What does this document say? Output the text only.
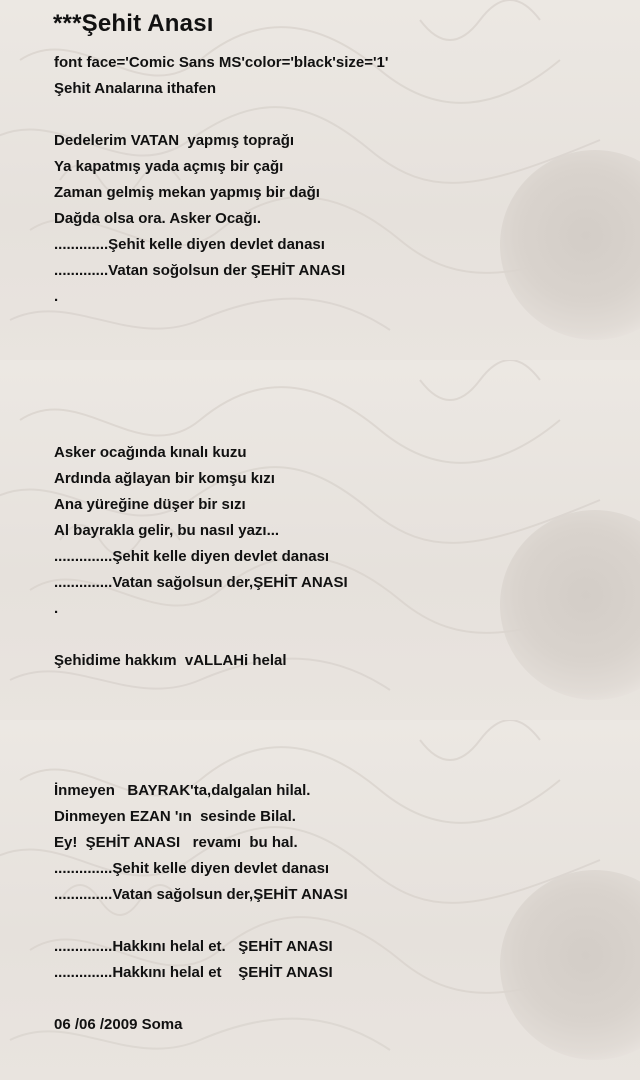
***Şehit Anası
font face='Comic Sans MS'color='black'size='1'
Şehit Analarına ithafen
Dedelerim VATAN  yapmış toprağı
Ya kapatmış yada açmış bir çağı
Zaman gelmiş mekan yapmış bir dağı
Dağda olsa ora. Asker Ocağı.
.............Şehit kelle diyen devlet danası
.............Vatan soğolsun der ŞEHİT ANASI
.
Asker ocağında kınalı kuzu
Ardında ağlayan bir komşu kızı
Ana yüreğine düşer bir sızı
Al bayrakla gelir, bu nasıl yazı...
..............Şehit kelle diyen devlet danası
..............Vatan sağolsun der,ŞEHİT ANASI
.
Şehidime hakkım  vALLAHi helal
İnmeyen   BAYRAK'ta,dalgalan hilal.
Dinmeyen EZAN 'ın  sesinde Bilal.
Ey!  ŞEHİT ANASI   revamı  bu hal.
..............Şehit kelle diyen devlet danası
..............Vatan sağolsun der,ŞEHİT ANASI
..............Hakkını helal et.   ŞEHİT ANASI
..............Hakkını helal et    ŞEHİT ANASI
06 /06 /2009 Soma
